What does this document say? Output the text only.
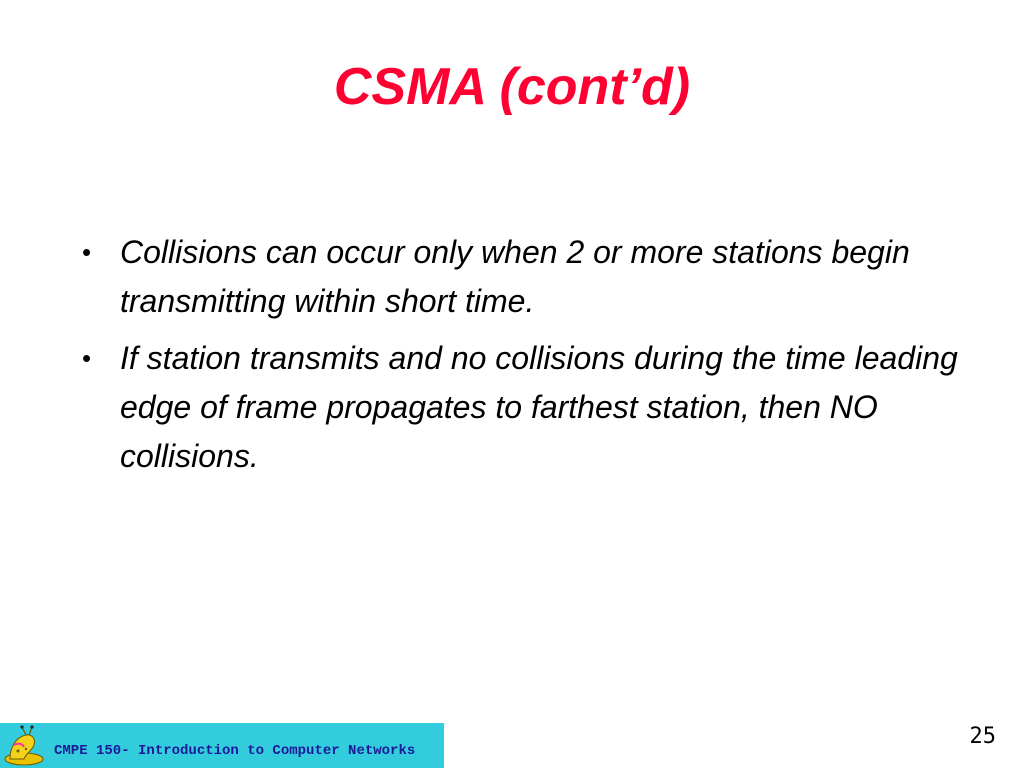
CSMA (cont’d)
• Collisions can occur only when 2 or more stations begin transmitting within short time.
• If station transmits and no collisions during the time leading edge of frame propagates to farthest station, then NO collisions.
CMPE 150- Introduction to Computer Networks
25
